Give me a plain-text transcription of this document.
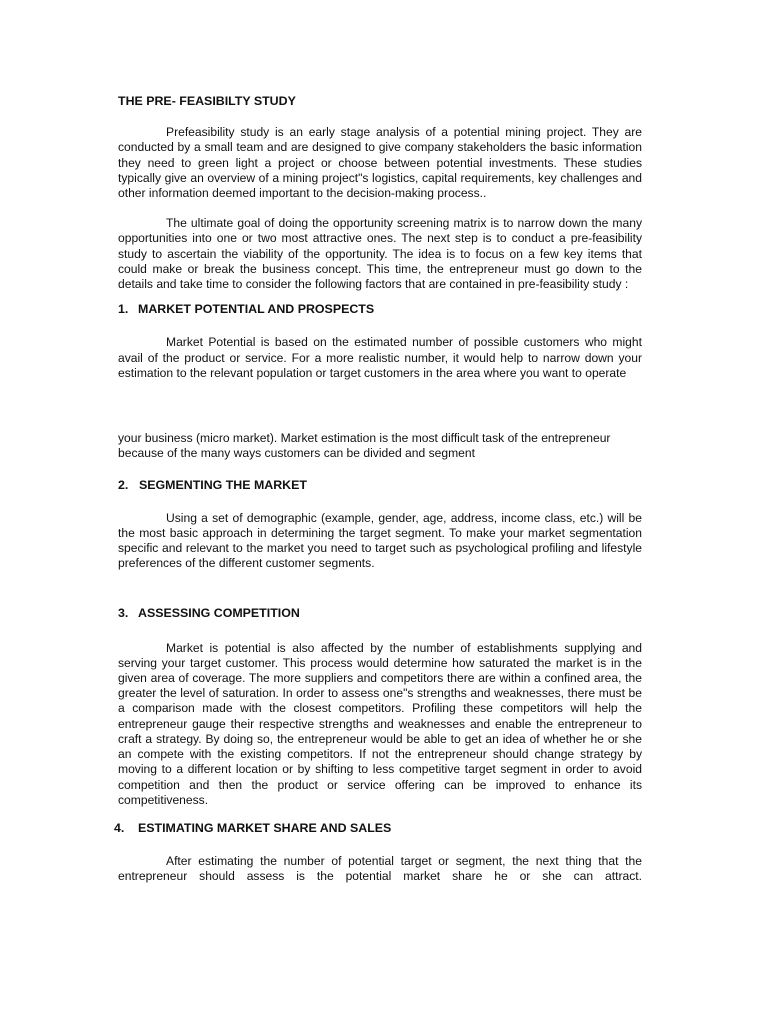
THE PRE- FEASIBILTY STUDY

Prefeasibility study is an early stage analysis of a potential mining project. They are conducted by a small team and are designed to give company stakeholders the basic information they need to green light a project or choose between potential investments. These studies typically give an overview of a mining project"s logistics, capital requirements, key challenges and other information deemed important to the decision-making process..

The ultimate goal of doing the opportunity screening matrix is to narrow down the many opportunities into one or two most attractive ones. The next step is to conduct a pre-feasibility study to ascertain the viability of the opportunity. The idea is to focus on a few key items that could make or break the business concept. This time, the entrepreneur must go down to the details and take time to consider the following factors that are contained in pre-feasibility study :

1. MARKET POTENTIAL AND PROSPECTS

Market Potential is based on the estimated number of possible customers who might avail of the product or service. For a more realistic number, it would help to narrow down your estimation to the relevant population or target customers in the area where you want to operate

your business (micro market). Market estimation is the most difficult task of the entrepreneur because of the many ways customers can be divided and segment

2. SEGMENTING THE MARKET

Using a set of demographic (example, gender, age, address, income class, etc.) will be the most basic approach in determining the target segment. To make your market segmentation specific and relevant to the market you need to target such as psychological profiling and lifestyle preferences of the different customer segments.

3. ASSESSING COMPETITION

Market is potential is also affected by the number of establishments supplying and serving your target customer. This process would determine how saturated the market is in the given area of coverage. The more suppliers and competitors there are within a confined area, the greater the level of saturation. In order to assess one"s strengths and weaknesses, there must be a comparison made with the closest competitors. Profiling these competitors will help the entrepreneur gauge their respective strengths and weaknesses and enable the entrepreneur to craft a strategy. By doing so, the entrepreneur would be able to get an idea of whether he or she an compete with the existing competitors. If not the entrepreneur should change strategy by moving to a different location or by shifting to less competitive target segment in order to avoid competition and then the product or service offering can be improved to enhance its competitiveness.

4. ESTIMATING MARKET SHARE AND SALES

After estimating the number of potential target or segment, the next thing that the entrepreneur should assess is the potential market share he or she can attract.
